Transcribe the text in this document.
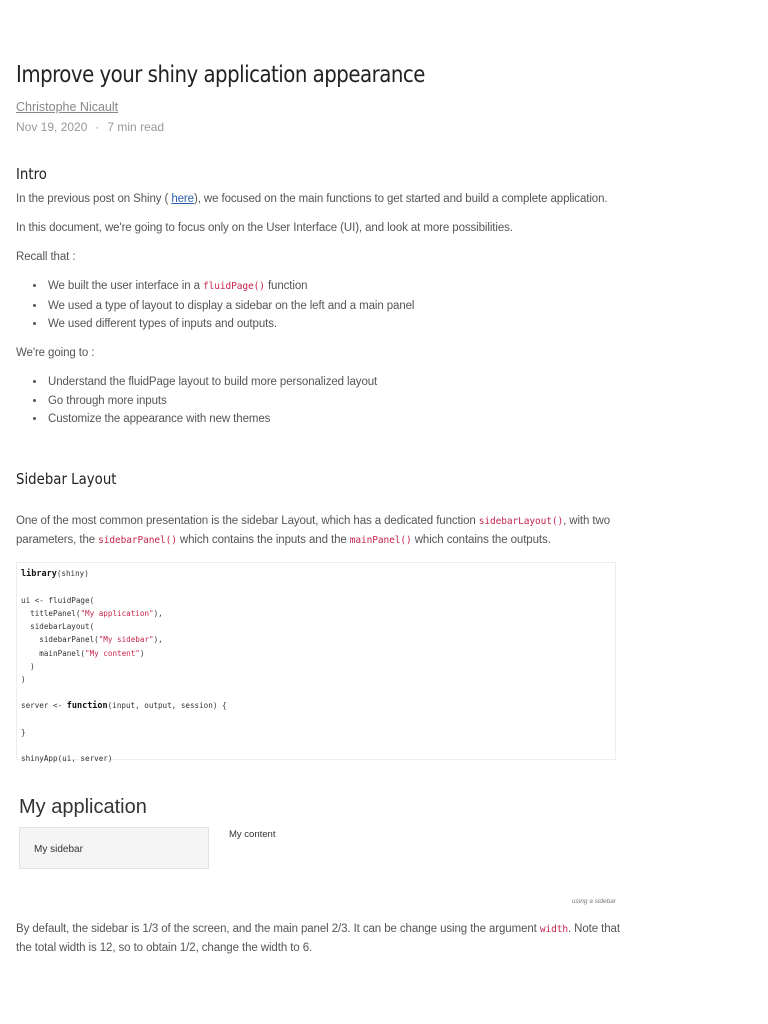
Improve your shiny application appearance
Christophe Nicault
Nov 19, 2020 · 7 min read
Intro

In the previous post on Shiny ( here), we focused on the main functions to get started and build a complete application.

In this document, we're going to focus only on the User Interface (UI), and look at more possibilities.

Recall that :

• We built the user interface in a fluidPage() function
• We used a type of layout to display a sidebar on the left and a main panel
• We used different types of inputs and outputs.

We're going to :

• Understand the fluidPage layout to build more personalized layout
• Go through more inputs
• Customize the appearance with new themes
Sidebar Layout

One of the most common presentation is the sidebar Layout, which has a dedicated function sidebarLayout(), with two parameters, the sidebarPanel() which contains the inputs and the mainPanel() which contains the outputs.

library(shiny)

ui <- fluidPage(
titlePanel("My application"),
sidebarLayout(
sidebarPanel("My sidebar"),
mainPanel("My content")
)
)

server <- function(input, output, session) {

}

shinyApp(ui, server)
My application
My sidebar
My content
using a sidebar

By default, the sidebar is 1/3 of the screen, and the main panel 2/3. It can be change using the argument width. Note that the total width is 12, so to obtain 1/2, change the width to 6.
